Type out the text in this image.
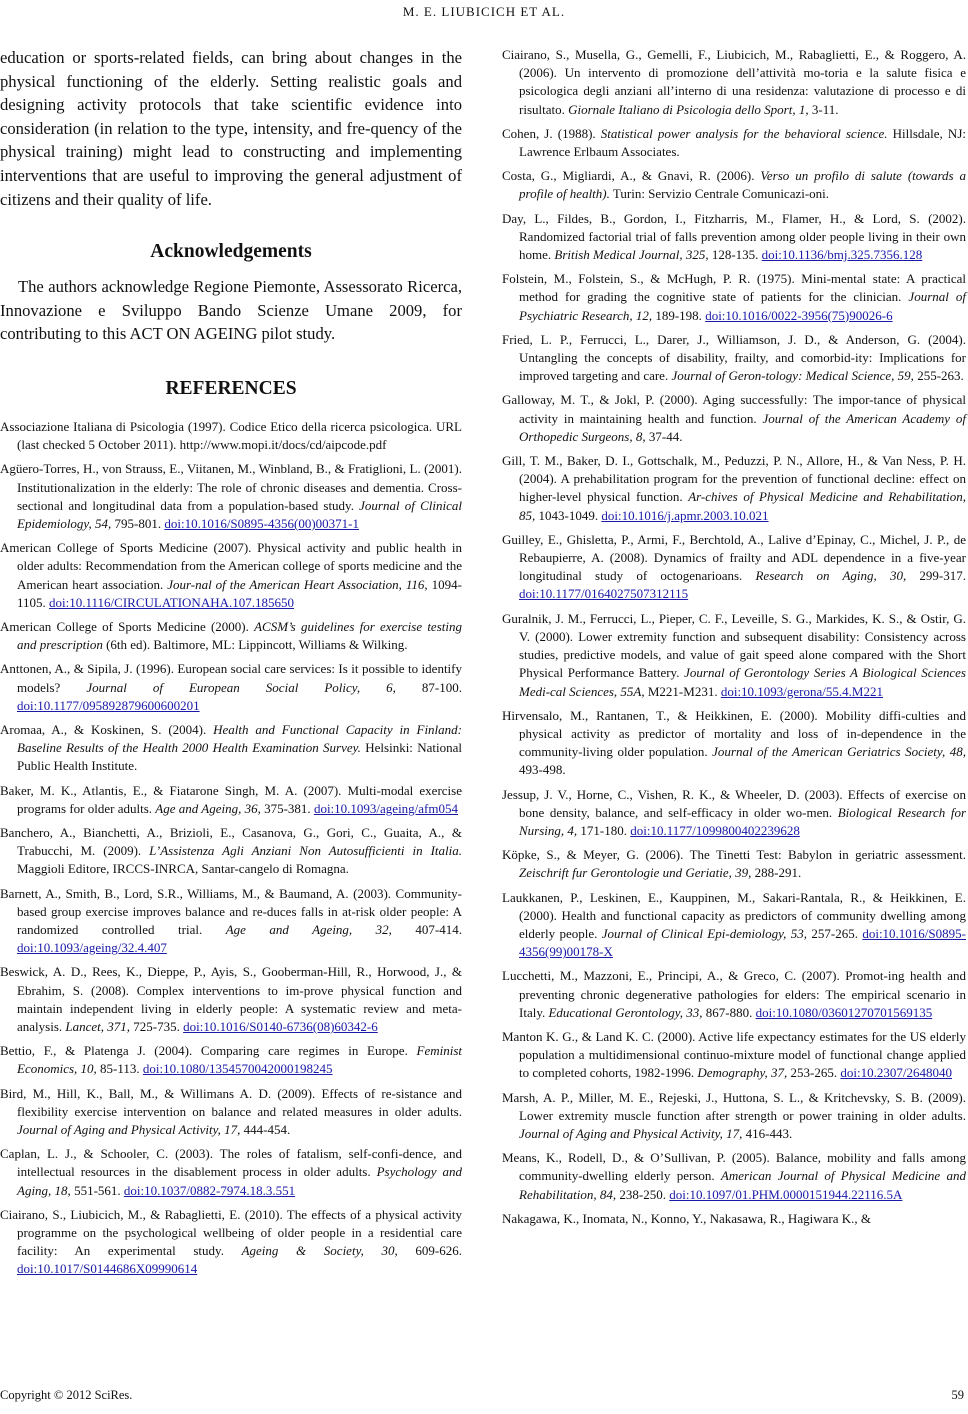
M. E. LIUBICICH ET AL.

education or sports-related fields, can bring about changes in the physical functioning of the elderly. Setting realistic goals and designing activity protocols that take scientific evidence into consideration (in relation to the type, intensity, and fre-quency of the physical training) might lead to constructing and implementing interventions that are useful to improving the general adjustment of citizens and their quality of life.

Acknowledgements

The authors acknowledge Regione Piemonte, Assessorato Ricerca, Innovazione e Sviluppo Bando Scienze Umane 2009, for contributing to this ACT ON AGEING pilot study.

REFERENCES

Associazione Italiana di Psicologia (1997). Codice Etico della ricerca psicologica. URL (last checked 5 October 2011). http://www.mopi.it/docs/cd/aipcode.pdf

Agüero-Torres, H., von Strauss, E., Viitanen, M., Winbland, B., & Fratiglioni, L. (2001). Institutionalization in the elderly: The role of chronic diseases and dementia. Cross-sectional and longitudinal data from a population-based study. Journal of Clinical Epidemiology, 54, 795-801. doi:10.1016/S0895-4356(00)00371-1

American College of Sports Medicine (2007). Physical activity and public health in older adults: Recommendation from the American college of sports medicine and the American heart association. Jour-nal of the American Heart Association, 116, 1094-1105. doi:10.1116/CIRCULATIONAHA.107.185650

American College of Sports Medicine (2000). ACSM’s guidelines for exercise testing and prescription (6th ed). Baltimore, ML: Lippincott, Williams & Wilking.

Anttonen, A., & Sipila, J. (1996). European social care services: Is it possible to identify models? Journal of European Social Policy, 6, 87-100. doi:10.1177/095892879600600201

Aromaa, A., & Koskinen, S. (2004). Health and Functional Capacity in Finland: Baseline Results of the Health 2000 Health Examination Survey. Helsinki: National Public Health Institute.

Baker, M. K., Atlantis, E., & Fiatarone Singh, M. A. (2007). Multi-modal exercise programs for older adults. Age and Ageing, 36, 375-381. doi:10.1093/ageing/afm054

Banchero, A., Bianchetti, A., Brizioli, E., Casanova, G., Gori, C., Guaita, A., & Trabucchi, M. (2009). L’Assistenza Agli Anziani Non Autosufficienti in Italia. Maggioli Editore, IRCCS-INRCA, Santar-cangelo di Romagna.

Barnett, A., Smith, B., Lord, S.R., Williams, M., & Baumand, A. (2003). Community-based group exercise improves balance and re-duces falls in at-risk older people: A randomized controlled trial. Age and Ageing, 32, 407-414. doi:10.1093/ageing/32.4.407

Beswick, A. D., Rees, K., Dieppe, P., Ayis, S., Gooberman-Hill, R., Horwood, J., & Ebrahim, S. (2008). Complex interventions to im-prove physical function and maintain independent living in elderly people: A systematic review and meta-analysis. Lancet, 371, 725-735. doi:10.1016/S0140-6736(08)60342-6

Bettio, F., & Platenga J. (2004). Comparing care regimes in Europe. Feminist Economics, 10, 85-113. doi:10.1080/1354570042000198245

Bird, M., Hill, K., Ball, M., & Willimans A. D. (2009). Effects of re-sistance and flexibility exercise intervention on balance and related measures in older adults. Journal of Aging and Physical Activity, 17, 444-454.

Caplan, L. J., & Schooler, C. (2003). The roles of fatalism, self-confi-dence, and intellectual resources in the disablement process in older adults. Psychology and Aging, 18, 551-561. doi:10.1037/0882-7974.18.3.551

Ciairano, S., Liubicich, M., & Rabaglietti, E. (2010). The effects of a physical activity programme on the psychological wellbeing of older people in a residential care facility: An experimental study. Ageing & Society, 30, 609-626. doi:10.1017/S0144686X09990614

Ciairano, S., Musella, G., Gemelli, F., Liubicich, M., Rabaglietti, E., & Roggero, A. (2006). Un intervento di promozione dell’attività mo-toria e la salute fisica e psicologica degli anziani all’interno di una residenza: valutazione di processo e di risultato. Giornale Italiano di Psicologia dello Sport, 1, 3-11.

Cohen, J. (1988). Statistical power analysis for the behavioral science. Hillsdale, NJ: Lawrence Erlbaum Associates.

Costa, G., Migliardi, A., & Gnavi, R. (2006). Verso un profilo di salute (towards a profile of health). Turin: Servizio Centrale Comunicazi-oni.

Day, L., Fildes, B., Gordon, I., Fitzharris, M., Flamer, H., & Lord, S. (2002). Randomized factorial trial of falls prevention among older people living in their own home. British Medical Journal, 325, 128-135. doi:10.1136/bmj.325.7356.128

Folstein, M., Folstein, S., & McHugh, P. R. (1975). Mini-mental state: A practical method for grading the cognitive state of patients for the clinician. Journal of Psychiatric Research, 12, 189-198. doi:10.1016/0022-3956(75)90026-6

Fried, L. P., Ferrucci, L., Darer, J., Williamson, J. D., & Anderson, G. (2004). Untangling the concepts of disability, frailty, and comorbid-ity: Implications for improved targeting and care. Journal of Geron-tology: Medical Science, 59, 255-263.

Galloway, M. T., & Jokl, P. (2000). Aging successfully: The impor-tance of physical activity in maintaining health and function. Journal of the American Academy of Orthopedic Surgeons, 8, 37-44.

Gill, T. M., Baker, D. I., Gottschalk, M., Peduzzi, P. N., Allore, H., & Van Ness, P. H. (2004). A prehabilitation program for the prevention of functional decline: effect on higher-level physical function. Ar-chives of Physical Medicine and Rehabilitation, 85, 1043-1049. doi:10.1016/j.apmr.2003.10.021

Guilley, E., Ghisletta, P., Armi, F., Berchtold, A., Lalive d’Epinay, C., Michel, J. P., de Rebaupierre, A. (2008). Dynamics of frailty and ADL dependence in a five-year longitudinal study of octogenarioans. Research on Aging, 30, 299-317. doi:10.1177/0164027507312115

Guralnik, J. M., Ferrucci, L., Pieper, C. F., Leveille, S. G., Markides, K. S., & Ostir, G. V. (2000). Lower extremity function and subsequent disability: Consistency across studies, predictive models, and value of gait speed alone compared with the Short Physical Performance Battery. Journal of Gerontology Series A Biological Sciences Medi-cal Sciences, 55A, M221-M231. doi:10.1093/gerona/55.4.M221

Hirvensalo, M., Rantanen, T., & Heikkinen, E. (2000). Mobility diffi-culties and physical activity as predictor of mortality and loss of in-dependence in the community-living older population. Journal of the American Geriatrics Society, 48, 493-498.

Jessup, J. V., Horne, C., Vishen, R. K., & Wheeler, D. (2003). Effects of exercise on bone density, balance, and self-efficacy in older wo-men. Biological Research for Nursing, 4, 171-180. doi:10.1177/1099800402239628

Köpke, S., & Meyer, G. (2006). The Tinetti Test: Babylon in geriatric assessment. Zeischrift fur Gerontologie und Geriatie, 39, 288-291.

Laukkanen, P., Leskinen, E., Kauppinen, M., Sakari-Rantala, R., & Heikkinen, E. (2000). Health and functional capacity as predictors of community dwelling among elderly people. Journal of Clinical Epi-demiology, 53, 257-265. doi:10.1016/S0895-4356(99)00178-X

Lucchetti, M., Mazzoni, E., Principi, A., & Greco, C. (2007). Promot-ing health and preventing chronic degenerative pathologies for elders: The empirical scenario in Italy. Educational Gerontology, 33, 867-880. doi:10.1080/03601270701569135

Manton K. G., & Land K. C. (2000). Active life expectancy estimates for the US elderly population a multidimensional continuo-mixture model of functional change applied to completed cohorts, 1982-1996. Demography, 37, 253-265. doi:10.2307/2648040

Marsh, A. P., Miller, M. E., Rejeski, J., Huttona, S. L., & Kritchevsky, S. B. (2009). Lower extremity muscle function after strength or power training in older adults. Journal of Aging and Physical Activity, 17, 416-443.

Means, K., Rodell, D., & O’Sullivan, P. (2005). Balance, mobility and falls among community-dwelling elderly person. American Journal of Physical Medicine and Rehabilitation, 84, 238-250. doi:10.1097/01.PHM.0000151944.22116.5A

Nakagawa, K., Inomata, N., Konno, Y., Nakasawa, R., Hagiwara K., &

Copyright © 2012 SciRes.	59
